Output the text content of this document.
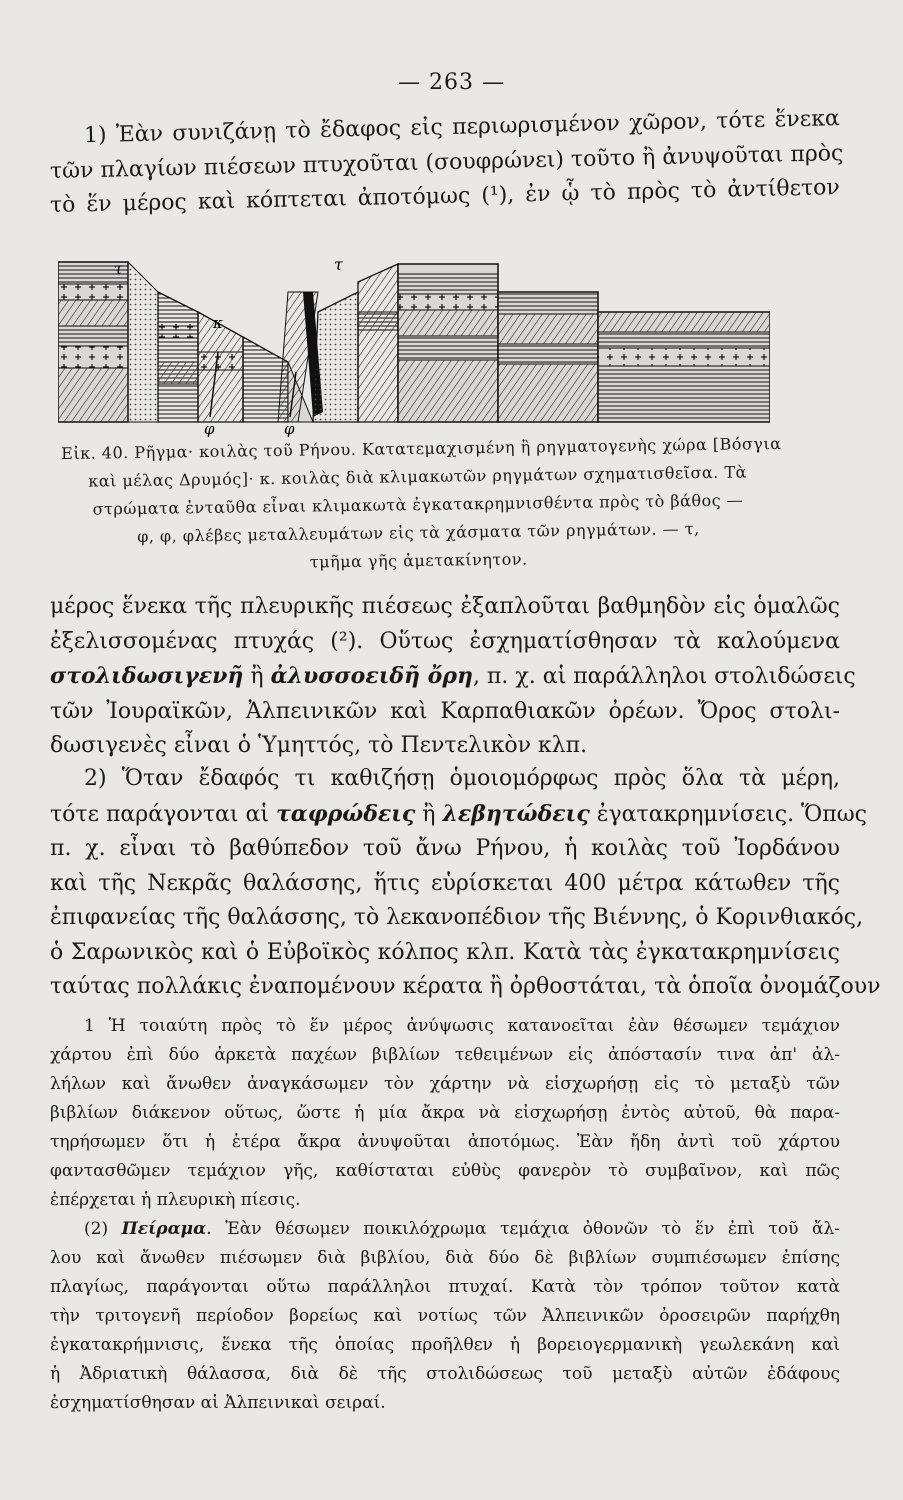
— 263 —
1) Ἐὰν συνιζάνῃ τὸ ἔδαφος εἰς περιωρισμένον χῶρον, τότε ἕνεκα
τῶν πλαγίων πιέσεων πτυχοῦται (σουφρώνει) τοῦτο ἢ ἀνυψοῦται πρὸς
τὸ ἕν μέρος καὶ κόπτεται ἀποτόμως (¹), ἐν ᾧ τὸ πρὸς τὸ ἀντίθετον
τ	τ
κ
φ	φ
Εἰκ. 40. Ρῆγμα· κοιλὰς τοῦ Ρήνου. Κατατεμαχισμένη ἢ ρηγματογενὴς χώρα [Βόσγια
καὶ μέλας Δρυμός]· κ. κοιλὰς διὰ κλιμακωτῶν ρηγμάτων σχηματισθεῖσα. Τὰ
στρώματα ἐνταῦθα εἶναι κλιμακωτὰ ἐγκατακρημνισθέντα πρὸς τὸ βάθος —
φ, φ, φλέβες μεταλλευμάτων εἰς τὰ χάσματα τῶν ρηγμάτων. — τ,
τμῆμα γῆς ἀμετακίνητον.
μέρος ἕνεκα τῆς πλευρικῆς πιέσεως ἐξαπλοῦται βαθμηδὸν εἰς ὁμαλῶς
ἐξελισσομένας πτυχάς (²). Οὕτως ἐσχηματίσθησαν τὰ καλούμενα
στολιδωσιγενῆ ἢ ἀλυσσοειδῆ ὄρη, π. χ. αἱ παράλληλοι στολιδώσεις
τῶν Ἰουραϊκῶν, Ἀλπεινικῶν καὶ Καρπαθιακῶν ὀρέων. Ὄρος στολι-
δωσιγενὲς εἶναι ὁ Ὑμηττός, τὸ Πεντελικὸν κλπ.
2) Ὅταν ἔδαφός τι καθιζήσῃ ὁμοιομόρφως πρὸς ὅλα τὰ μέρη,
τότε παράγονται αἱ ταφρώδεις ἢ λεβητώδεις ἐγατακρημνίσεις. Ὅπως
π. χ. εἶναι τὸ βαθύπεδον τοῦ ἄνω Ρήνου, ἡ κοιλὰς τοῦ Ἰορδάνου
καὶ τῆς Νεκρᾶς θαλάσσης, ἥτις εὑρίσκεται 400 μέτρα κάτωθεν τῆς
ἐπιφανείας τῆς θαλάσσης, τὸ λεκανοπέδιον τῆς Βιέννης, ὁ Κορινθιακός,
ὁ Σαρωνικὸς καὶ ὁ Εὐβοϊκὸς κόλπος κλπ. Κατὰ τὰς ἐγκατακρημνίσεις
ταύτας πολλάκις ἐναπομένουν κέρατα ἢ ὀρθοστάται, τὰ ὁποῖα ὀνομάζουν
1 Ἡ τοιαύτη πρὸς τὸ ἕν μέρος ἀνύψωσις κατανοεῖται ἐὰν θέσωμεν τεμάχιον
χάρτου ἐπὶ δύο ἀρκετὰ παχέων βιβλίων τεθειμένων εἰς ἀπόστασίν τινα ἀπ' ἀλ-
λήλων καὶ ἄνωθεν ἀναγκάσωμεν τὸν χάρτην νὰ εἰσχωρήσῃ εἰς τὸ μεταξὺ τῶν
βιβλίων διάκενον οὕτως, ὥστε ἡ μία ἄκρα νὰ εἰσχωρήσῃ ἐντὸς αὐτοῦ, θὰ παρα-
τηρήσωμεν ὅτι ἡ ἑτέρα ἄκρα ἀνυψοῦται ἀποτόμως. Ἐὰν ἤδη ἀντὶ τοῦ χάρτου
φαντασθῶμεν τεμάχιον γῆς, καθίσταται εὐθὺς φανερὸν τὸ συμβαῖνον, καὶ πῶς
ἐπέρχεται ἡ πλευρικὴ πίεσις.
(2) Πείραμα. Ἐὰν θέσωμεν ποικιλόχρωμα τεμάχια ὀθονῶν τὸ ἕν ἐπὶ τοῦ ἄλ-
λου καὶ ἄνωθεν πιέσωμεν διὰ βιβλίου, διὰ δύο δὲ βιβλίων συμπιέσωμεν ἐπίσης
πλαγίως, παράγονται οὕτω παράλληλοι πτυχαί. Κατὰ τὸν τρόπον τοῦτον κατὰ
τὴν τριτογενῆ περίοδον βορείως καὶ νοτίως τῶν Ἀλπεινικῶν ὀροσειρῶν παρήχθη
ἐγκατακρήμνισις, ἕνεκα τῆς ὁποίας προῆλθεν ἡ βορειογερμανικὴ γεωλεκάνη καὶ
ἡ Ἀδριατικὴ θάλασσα, διὰ δὲ τῆς στολιδώσεως τοῦ μεταξὺ αὐτῶν ἐδάφους
ἐσχηματίσθησαν αἱ Ἀλπεινικαὶ σειραί.
